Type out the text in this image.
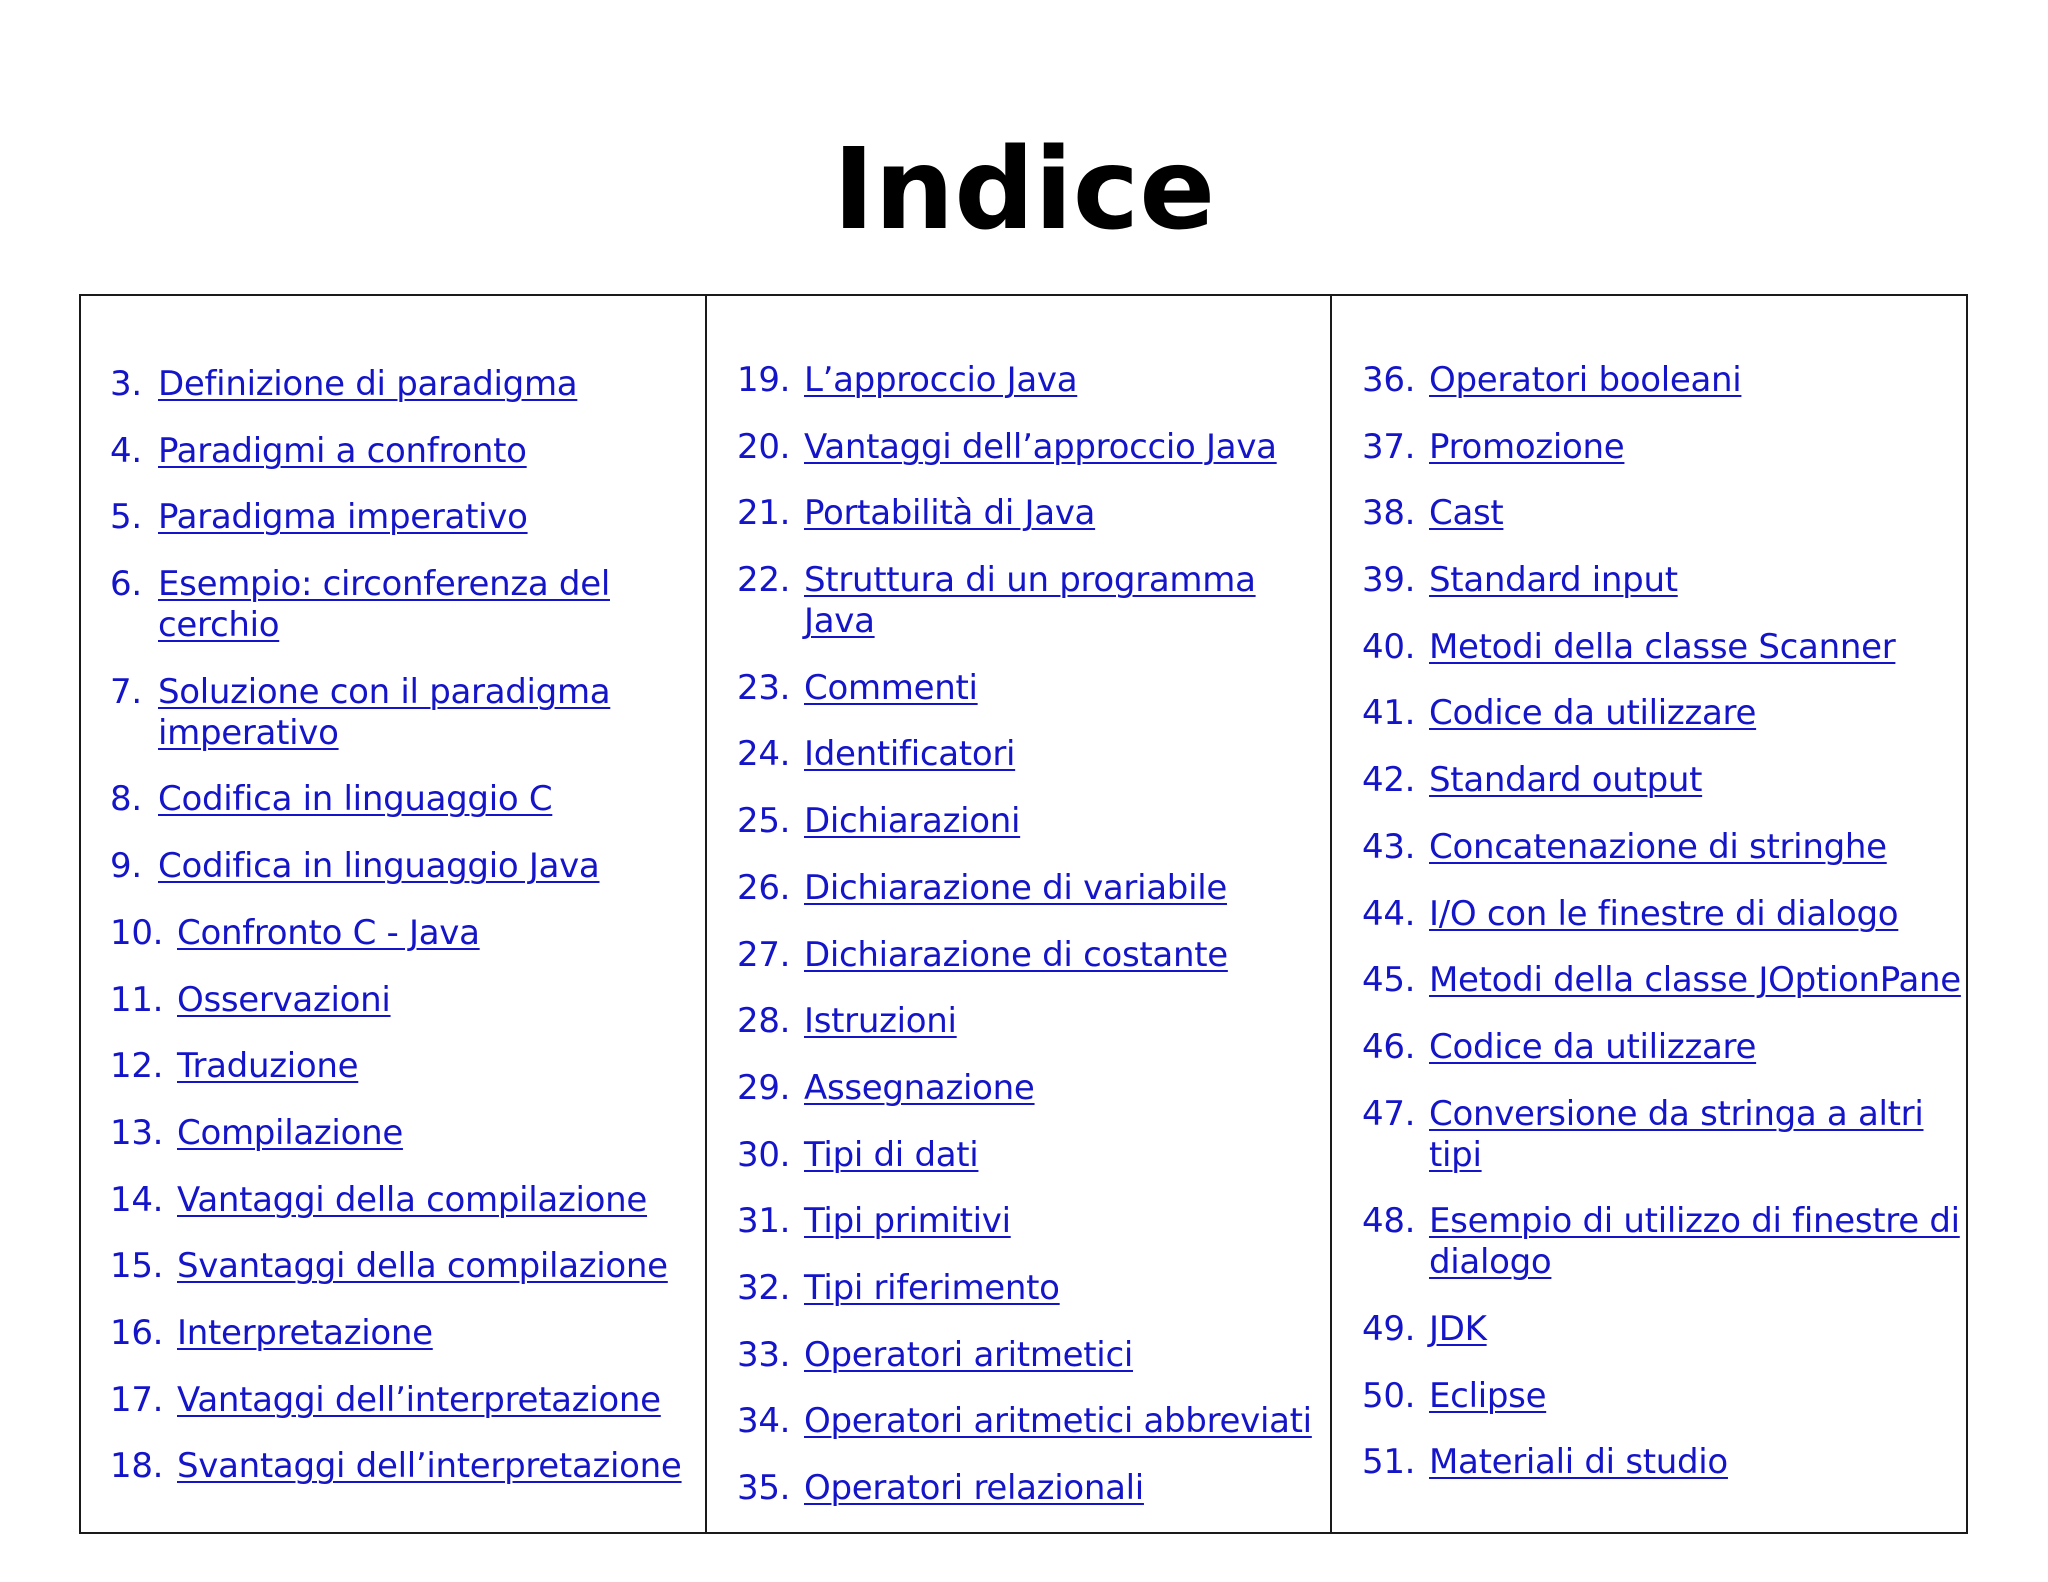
Indice
3. Definizione di paradigma
4. Paradigmi a confronto
5. Paradigma imperativo
6. Esempio: circonferenza del cerchio
7. Soluzione con il paradigma imperativo
8. Codifica in linguaggio C
9. Codifica in linguaggio Java
10. Confronto C - Java
11. Osservazioni
12. Traduzione
13. Compilazione
14. Vantaggi della compilazione
15. Svantaggi della compilazione
16. Interpretazione
17. Vantaggi dell’interpretazione
18. Svantaggi dell’interpretazione
19. L’approccio Java
20. Vantaggi dell’approccio Java
21. Portabilità di Java
22. Struttura di un programma Java
23. Commenti
24. Identificatori
25. Dichiarazioni
26. Dichiarazione di variabile
27. Dichiarazione di costante
28. Istruzioni
29. Assegnazione
30. Tipi di dati
31. Tipi primitivi
32. Tipi riferimento
33. Operatori aritmetici
34. Operatori aritmetici abbreviati
35. Operatori relazionali
36. Operatori booleani
37. Promozione
38. Cast
39. Standard input
40. Metodi della classe Scanner
41. Codice da utilizzare
42. Standard output
43. Concatenazione di stringhe
44. I/O con le finestre di dialogo
45. Metodi della classe JOptionPane
46. Codice da utilizzare
47. Conversione da stringa a altri tipi
48. Esempio di utilizzo di finestre di dialogo
49. JDK
50. Eclipse
51. Materiali di studio
